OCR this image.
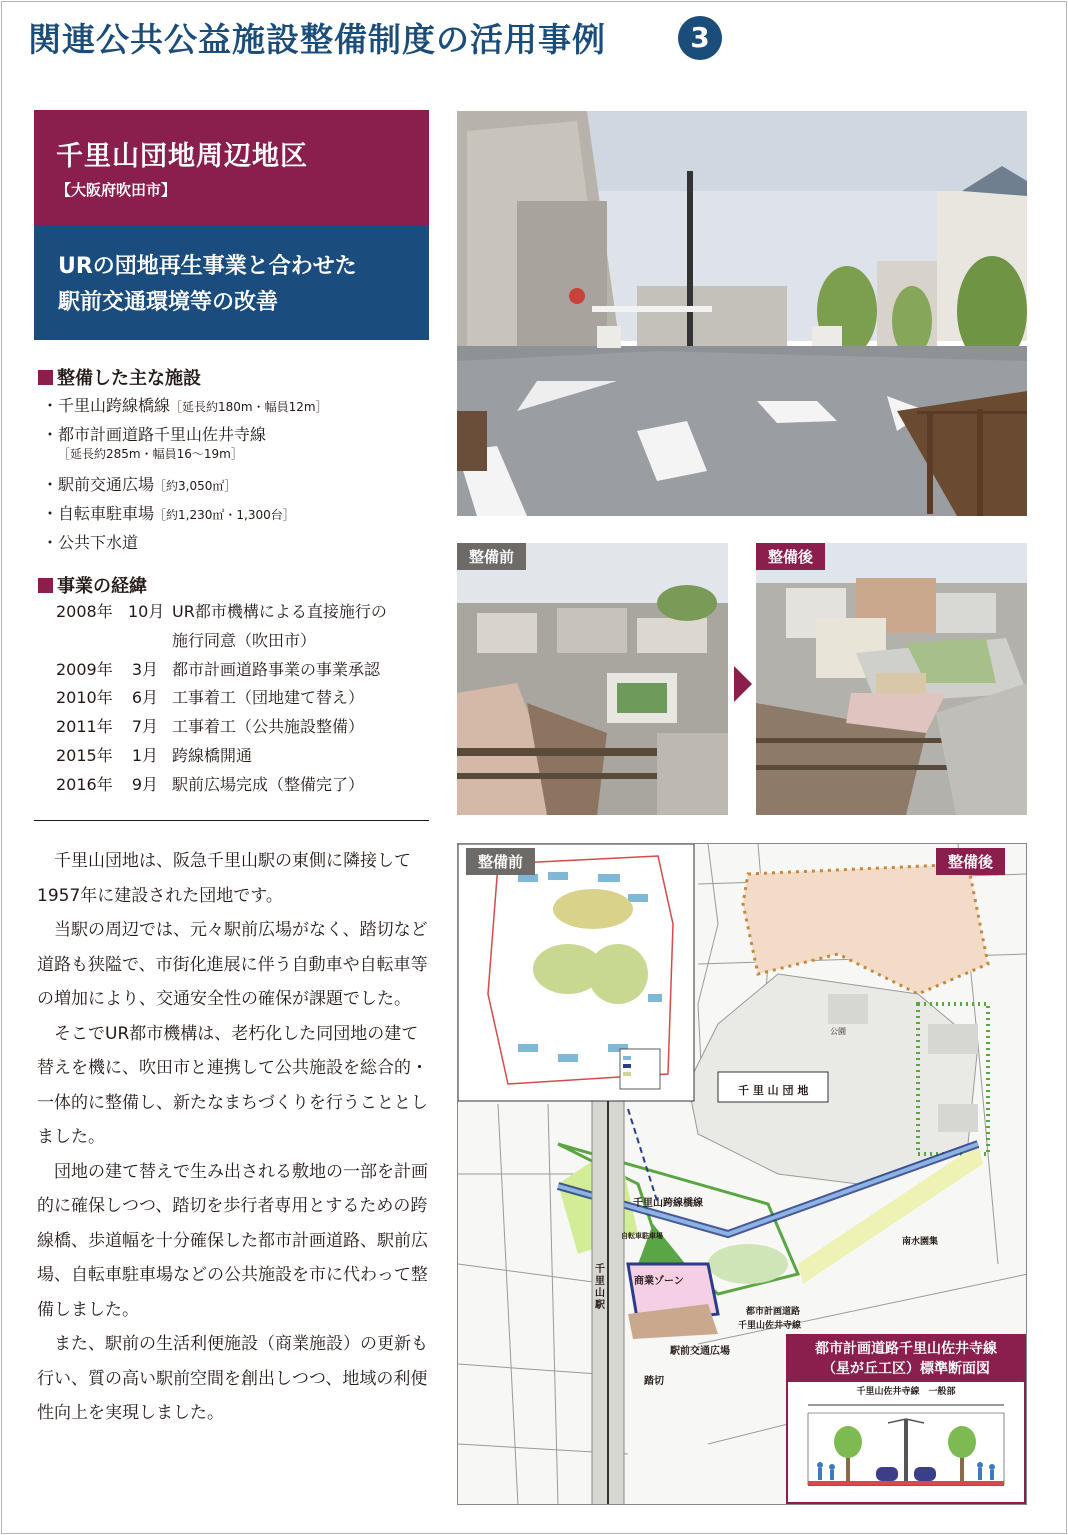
関連公共公益施設整備制度の活用事例	3
千里山団地周辺地区
【大阪府吹田市】
URの団地再生事業と合わせた
駅前交通環境等の改善
整備した主な施設
・ 千里山跨線橋線［延長約180m・幅員12m］
・ 都市計画道路千里山佐井寺線
［延長約285m・幅員16～19m］
・ 駅前交通広場［約3,050㎡］
・ 自転車駐車場［約1,230㎡・1,300台］
・ 公共下水道
事業の経緯
2008年 10月 UR都市機構による直接施行の
施行同意（吹田市）
2009年	3月 都市計画道路事業の事業承認
2010年	6月 工事着工（団地建て替え）
2011年	7月 工事着工（公共施設整備）
2015年	1月 跨線橋開通
2016年	9月 駅前広場完成（整備完了）

千里山団地は、阪急千里山駅の東側に隣接して1957年に建設された団地です。

当駅の周辺では、元々駅前広場がなく、踏切など道路も狭隘で、市街化進展に伴う自動車や自転車等の増加により、交通安全性の確保が課題でした。

そこでUR都市機構は、老朽化した同団地の建て替えを機に、吹田市と連携して公共施設を総合的・一体的に整備し、新たなまちづくりを行うこととしました。

団地の建て替えで生み出される敷地の一部を計画的に確保しつつ、踏切を歩行者専用とするための跨線橋、歩道幅を十分確保した都市計画道路、駅前広場、自転車駐車場などの公共施設を市に代わって整備しました。

また、駅前の生活利便施設（商業施設）の更新も行い、質の高い駅前空間を創出しつつ、地域の利便性向上を実現しました。

整備前	整備後
整備前	整備後
千 里 山 団 地
公園
千里山跨線橋線
自転車駐車場
商業ゾーン
千里山駅
都市計画道路
千里山佐井寺線
駅前交通広場
踏切
南水園集
都市計画道路千里山佐井寺線
（星が丘工区）標準断面図
千里山佐井寺線　一般部
